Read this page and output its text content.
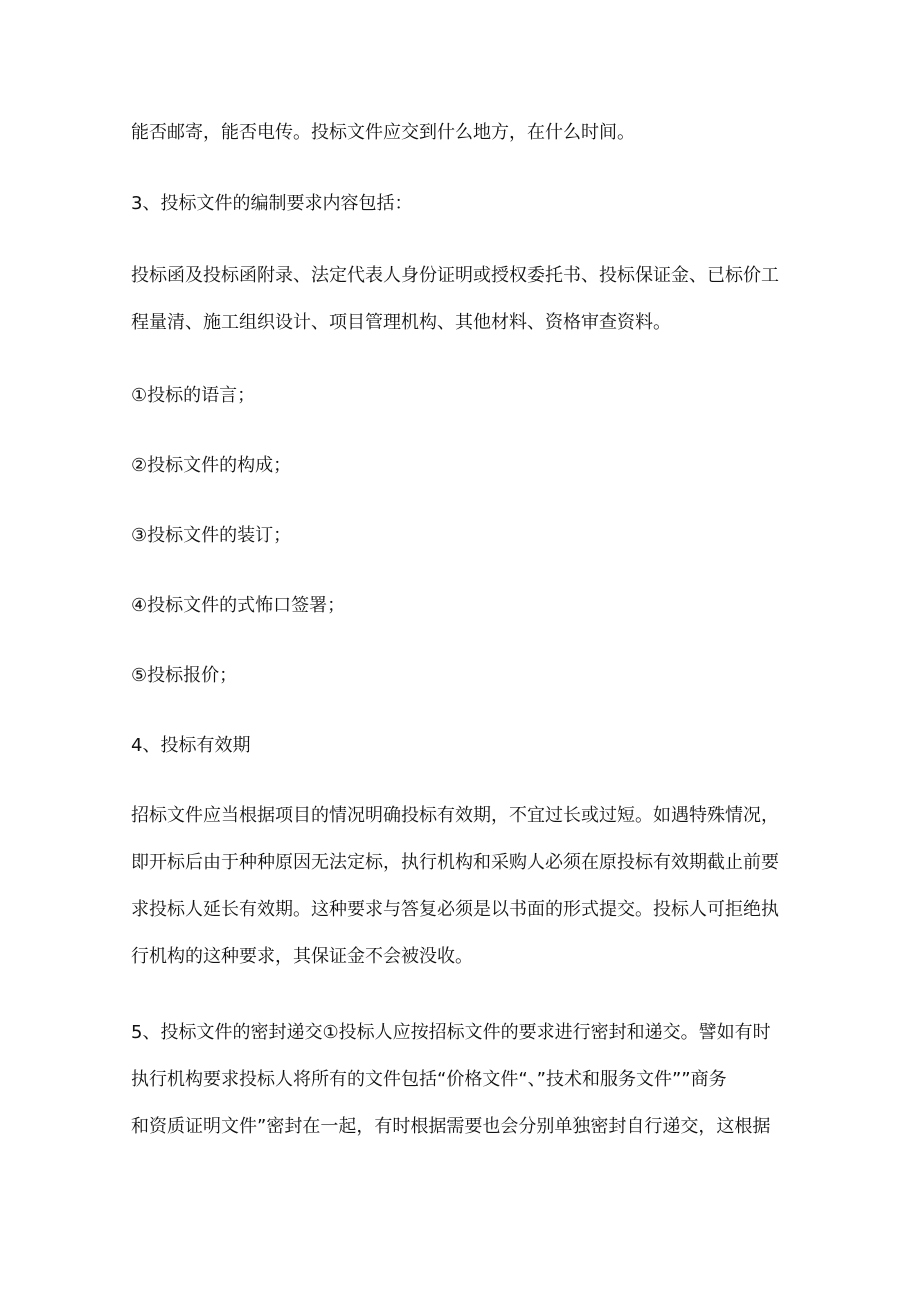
能否邮寄，能否电传。投标文件应交到什么地方，在什么时间。

3、投标文件的编制要求内容包括：

投标函及投标函附录、法定代表人身份证明或授权委托书、投标保证金、已标价工
程量清、施工组织设计、项目管理机构、其他材料、资格审查资料。

①投标的语言；

②投标文件的构成；

③投标文件的装订；

④投标文件的式怖口签署；

⑤投标报价；

4、投标有效期

招标文件应当根据项目的情况明确投标有效期，不宜过长或过短。如遇特殊情况，
即开标后由于种种原因无法定标，执行机构和采购人必须在原投标有效期截止前要
求投标人延长有效期。这种要求与答复必须是以书面的形式提交。投标人可拒绝执
行机构的这种要求，其保证金不会被没收。

5、投标文件的密封递交①投标人应按招标文件的要求进行密封和递交。譬如有时
执行机构要求投标人将所有的文件包括“价格文件“、”技术和服务文件””商务
和资质证明文件”密封在一起，有时根据需要也会分别单独密封自行递交，这根据
